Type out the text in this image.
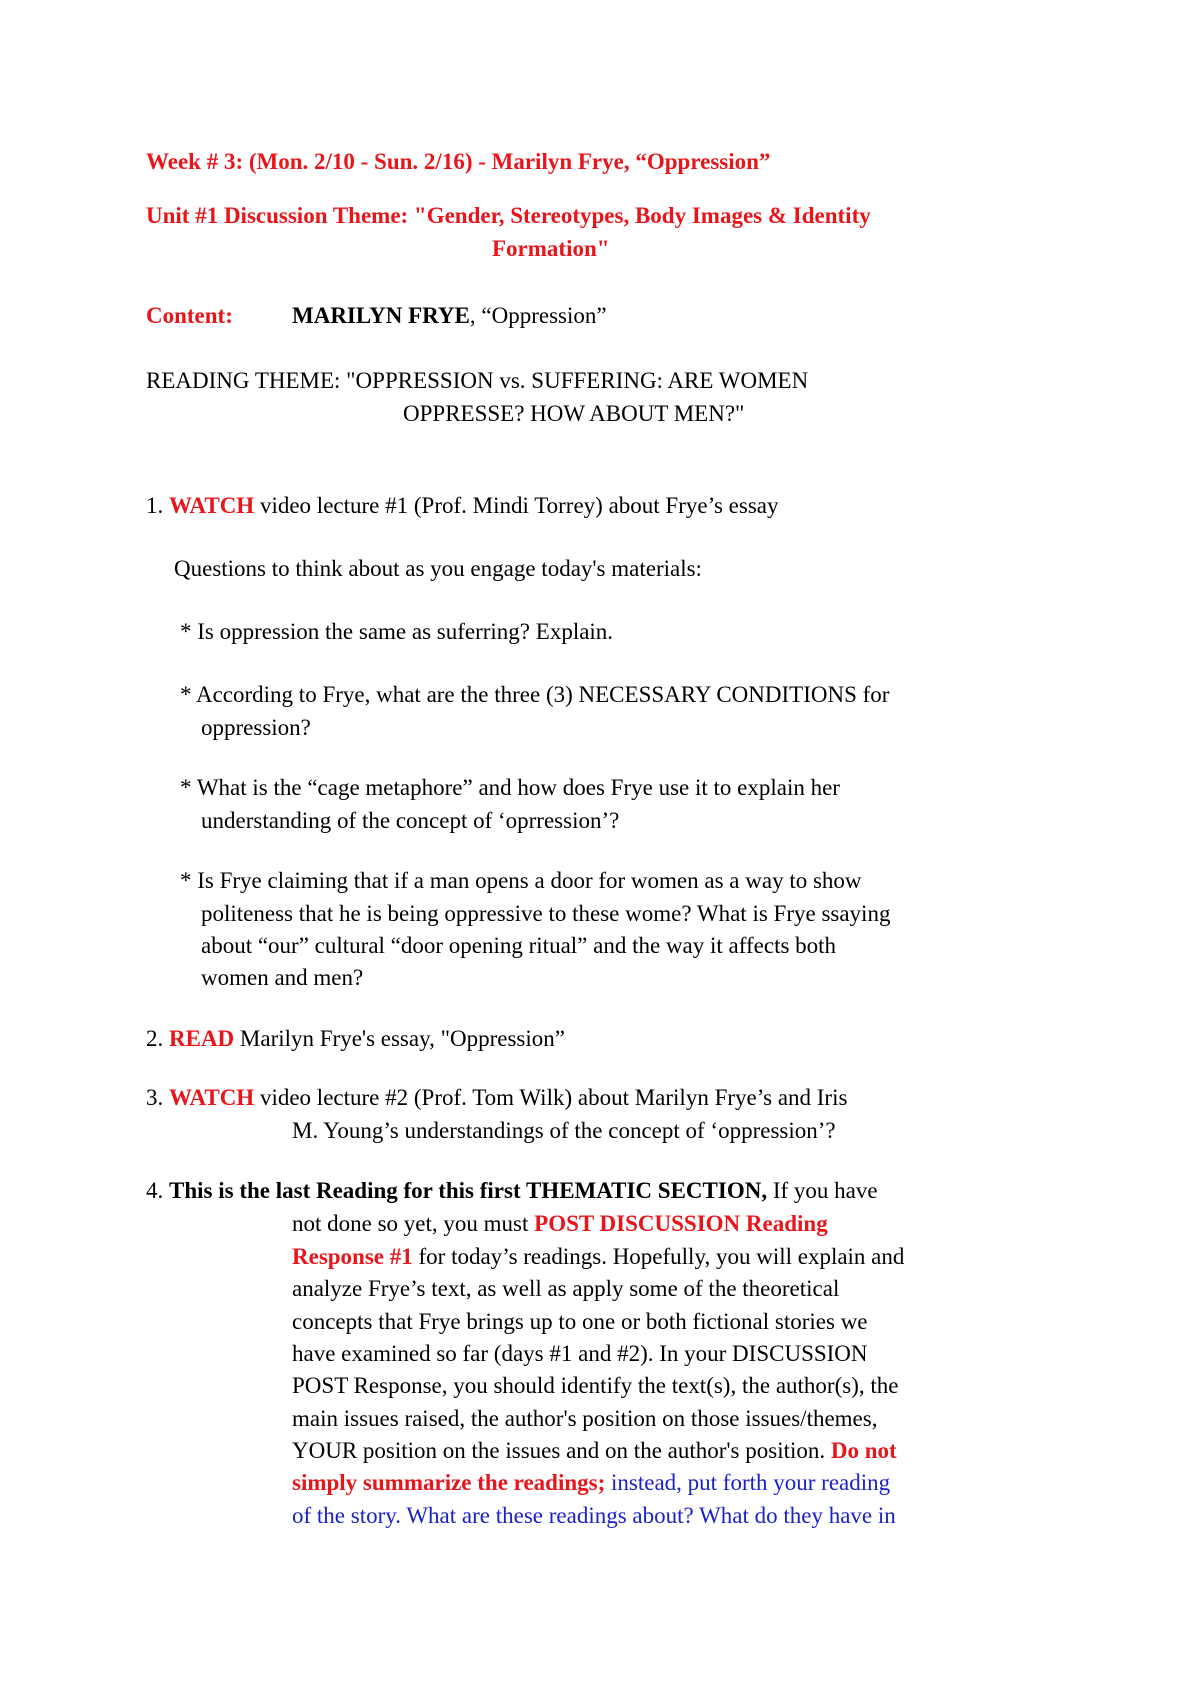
Week # 3: (Mon. 2/10 - Sun. 2/16) - Marilyn Frye, “Oppression”
Unit #1 Discussion Theme: "Gender, Stereotypes, Body Images & Identity
Formation"
Content:	MARILYN FRYE, “Oppression”
READING THEME: "OPPRESSION vs. SUFFERING: ARE WOMEN
OPPRESSE? HOW ABOUT MEN?"
1. WATCH video lecture #1 (Prof. Mindi Torrey) about Frye’s essay
Questions to think about as you engage today's materials:
* Is oppression the same as suferring? Explain.
* According to Frye, what are the three (3) NECESSARY CONDITIONS for
oppression?
* What is the “cage metaphore” and how does Frye use it to explain her
understanding of the concept of ‘oprression’?
* Is Frye claiming that if a man opens a door for women as a way to show
politeness that he is being oppressive to these wome? What is Frye ssaying
about “our” cultural “door opening ritual” and the way it affects both
women and men?
2. READ Marilyn Frye's essay, "Oppression”
3. WATCH video lecture #2 (Prof. Tom Wilk) about Marilyn Frye’s and Iris
M. Young’s understandings of the concept of ‘oppression’?
4. This is the last Reading for this first THEMATIC SECTION, If you have
not done so yet, you must POST DISCUSSION Reading
Response #1 for today’s readings. Hopefully, you will explain and
analyze Frye’s text, as well as apply some of the theoretical
concepts that Frye brings up to one or both fictional stories we
have examined so far (days #1 and #2). In your DISCUSSION
POST Response, you should identify the text(s), the author(s), the
main issues raised, the author's position on those issues/themes,
YOUR position on the issues and on the author's position. Do not
simply summarize the readings; instead, put forth your reading
of the story. What are these readings about? What do they have in
